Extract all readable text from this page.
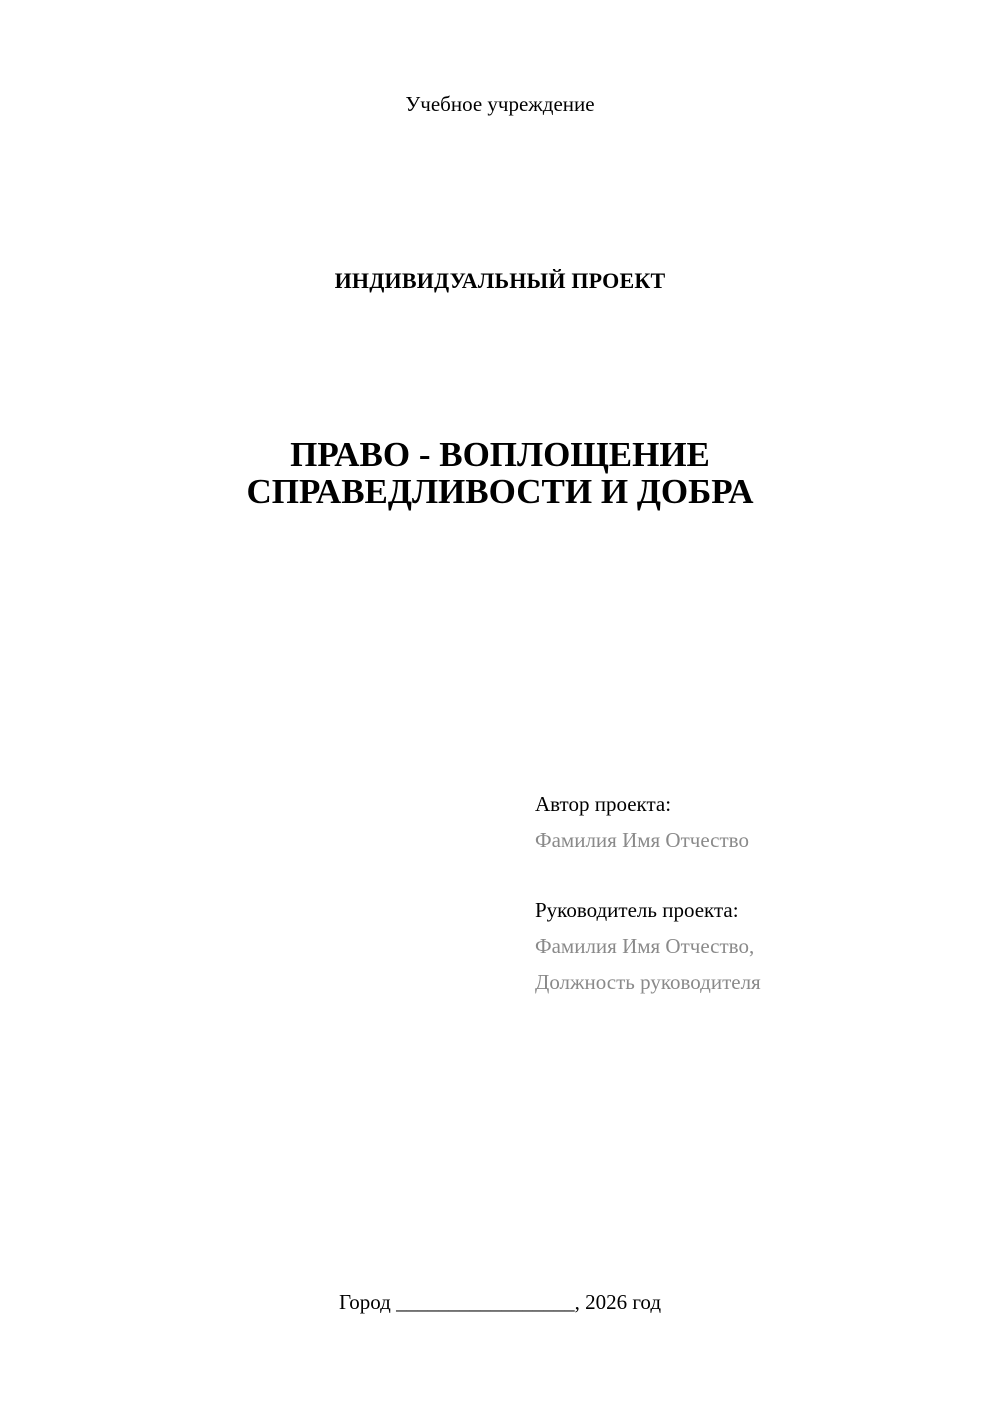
Учебное учреждение
ИНДИВИДУАЛЬНЫЙ ПРОЕКТ
ПРАВО - ВОПЛОЩЕНИЕ
СПРАВЕДЛИВОСТИ И ДОБРА
Автор проекта:
Фамилия Имя Отчество
Руководитель проекта:
Фамилия Имя Отчество,
Должность руководителя
Город _________________, 2026 год
